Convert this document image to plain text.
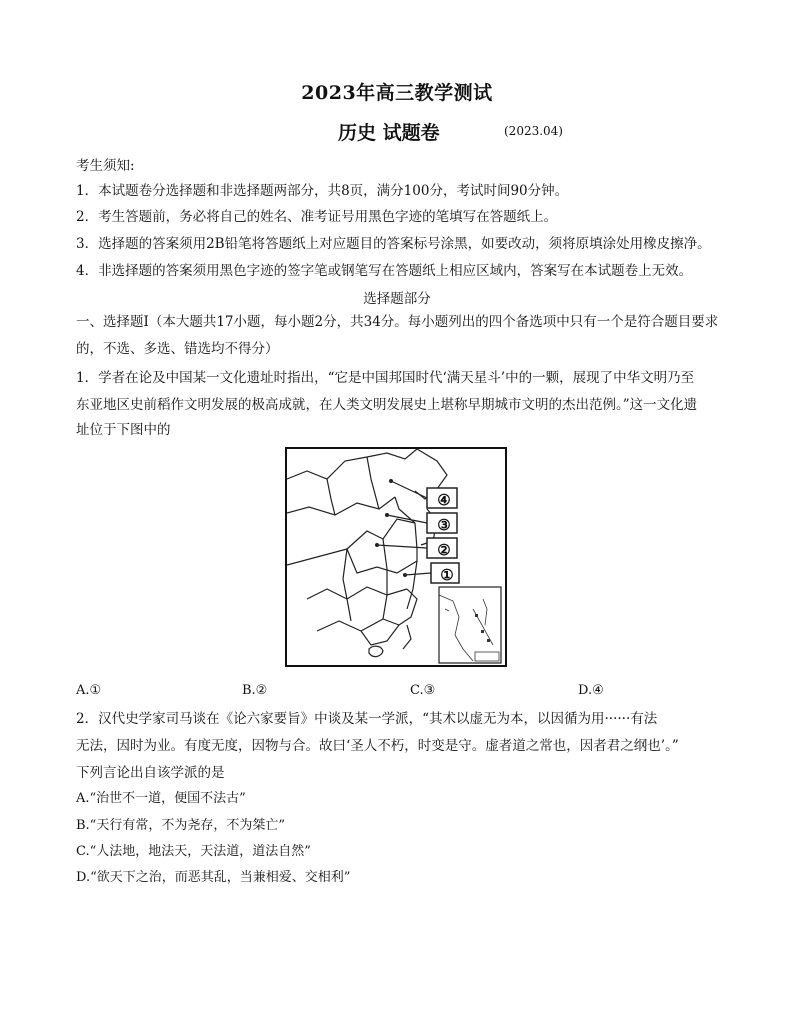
2023年高三教学测试
历史 试题卷	(2023.04)
考生须知:
1．本试题卷分选择题和非选择题两部分，共8页，满分100分，考试时间90分钟。
2．考生答题前，务必将自己的姓名、准考证号用黑色字迹的笔填写在答题纸上。
3．选择题的答案须用2B铅笔将答题纸上对应题目的答案标号涂黑，如要改动，须将原填涂处用橡皮擦净。
4．非选择题的答案须用黑色字迹的签字笔或钢笔写在答题纸上相应区域内，答案写在本试题卷上无效。
选择题部分
一、选择题Ⅰ（本大题共17小题，每小题2分，共34分。每小题列出的四个备选项中只有一个是符合题目要求
的，不选、多选、错选均不得分）
1．学者在论及中国某一文化遗址时指出，“它是中国邦国时代‘满天星斗’中的一颗，展现了中华文明乃至
东亚地区史前稻作文明发展的极高成就，在人类文明发展史上堪称早期城市文明的杰出范例。”这一文化遗
址位于下图中的
④
③
②
①
A.①	B.②	C.③	D.④
2．汉代史学家司马谈在《论六家要旨》中谈及某一学派，“其术以虚无为本，以因循为用······有法
无法，因时为业。有度无度，因物与合。故曰‘圣人不朽，时变是守。虚者道之常也，因者君之纲也’。”
下列言论出自该学派的是
A.“治世不一道，便国不法古”
B.“天行有常，不为尧存，不为桀亡”
C.“人法地，地法天，天法道，道法自然”
D.“欲天下之治，而恶其乱，当兼相爱、交相利”
